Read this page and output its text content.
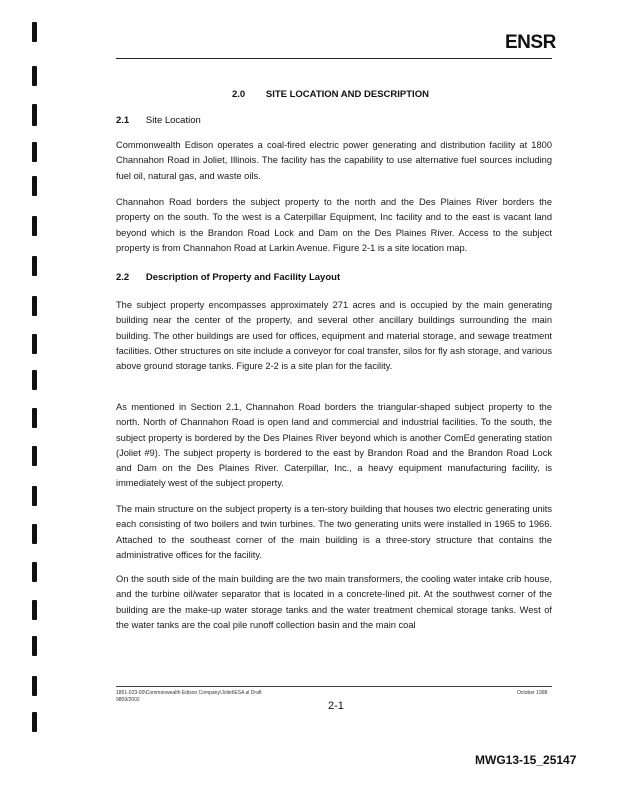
ENSR
2.0 SITE LOCATION AND DESCRIPTION
2.1 Site Location
Commonwealth Edison operates a coal-fired electric power generating and distribution facility at 1800 Channahon Road in Joliet, Illinois. The facility has the capability to use alternative fuel sources including fuel oil, natural gas, and waste oils.
Channahon Road borders the subject property to the north and the Des Plaines River borders the property on the south. To the west is a Caterpillar Equipment, Inc facility and to the east is vacant land beyond which is the Brandon Road Lock and Dam on the Des Plaines River. Access to the subject property is from Channahon Road at Larkin Avenue. Figure 2-1 is a site location map.
2.2 Description of Property and Facility Layout
The subject property encompasses approximately 271 acres and is occupied by the main generating building near the center of the property, and several other ancillary buildings surrounding the main building. The other buildings are used for offices, equipment and material storage, and sewage treatment facilities. Other structures on site include a conveyor for coal transfer, silos for fly ash storage, and various above ground storage tanks. Figure 2-2 is a site plan for the facility.
As mentioned in Section 2.1, Channahon Road borders the triangular-shaped subject property to the north. North of Channahon Road is open land and commercial and industrial facilities. To the south, the subject property is bordered by the Des Plaines River beyond which is another ComEd generating station (Joliet #9). The subject property is bordered to the east by Brandon Road and the Brandon Road Lock and Dam on the Des Plaines River. Caterpillar, Inc., a heavy equipment manufacturing facility, is immediately west of the subject property.
The main structure on the subject property is a ten-story building that houses two electric generating units each consisting of two boilers and twin turbines. The two generating units were installed in 1965 to 1966. Attached to the southeast corner of the main building is a three-story structure that contains the administrative offices for the facility.
On the south side of the main building are the two main transformers, the cooling water intake crib house, and the turbine oil/water separator that is located in a concrete-lined pit. At the southwest corner of the building are the make-up water storage tanks and the water treatment chemical storage tanks. West of the water tanks are the coal pile runoff collection basin and the main coal
1861-023-00\Commonwealth Edison Company\Joliet\ESA al Draft
9809/2002
October 1998
2-1
MWG13-15_25147
